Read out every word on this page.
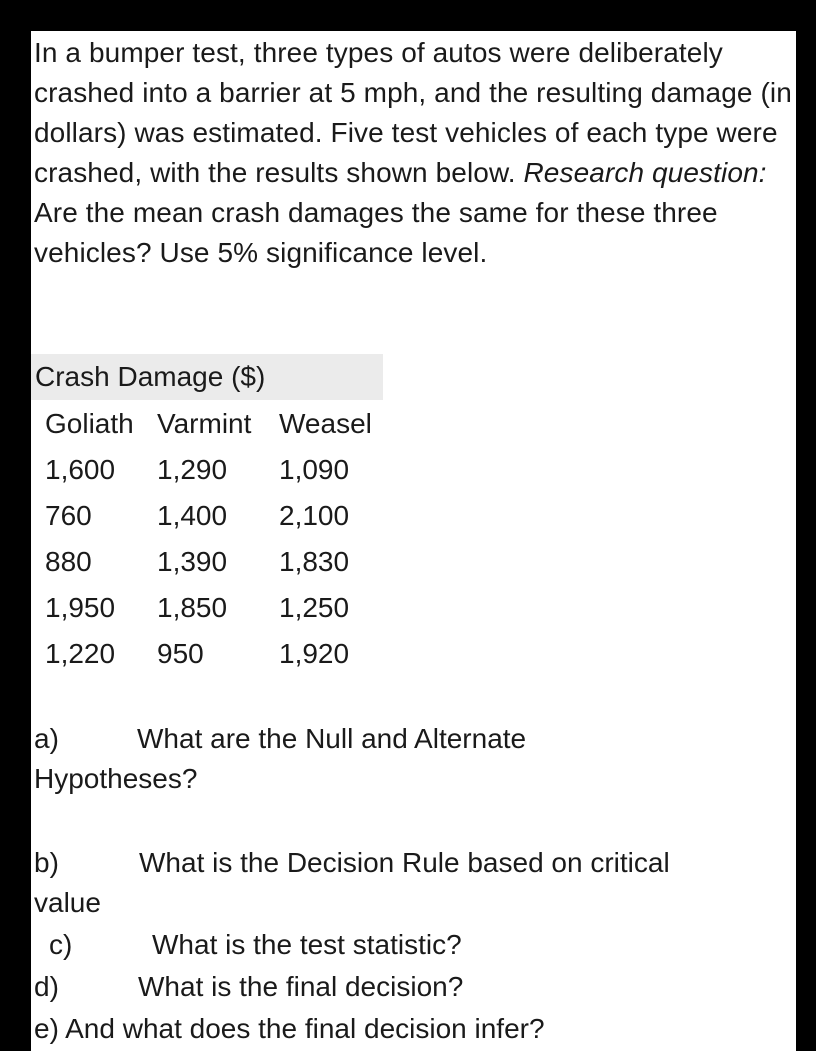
In a bumper test, three types of autos were deliberately crashed into a barrier at 5 mph, and the resulting damage (in dollars) was estimated. Five test vehicles of each type were crashed, with the results shown below. Research question: Are the mean crash damages the same for these three vehicles? Use 5% significance level.

Crash Damage ($)
Goliath	Varmint	Weasel
1,600	1,290	1,090
760	1,400	2,100
880	1,390	1,830
1,950	1,850	1,250
1,220	950	1,920

a)	What are the Null and Alternate

Hypotheses?

b)	What is the Decision Rule based on critical

value

c)	What is the test statistic?

d)	What is the final decision?

e) And what does the final decision infer?
